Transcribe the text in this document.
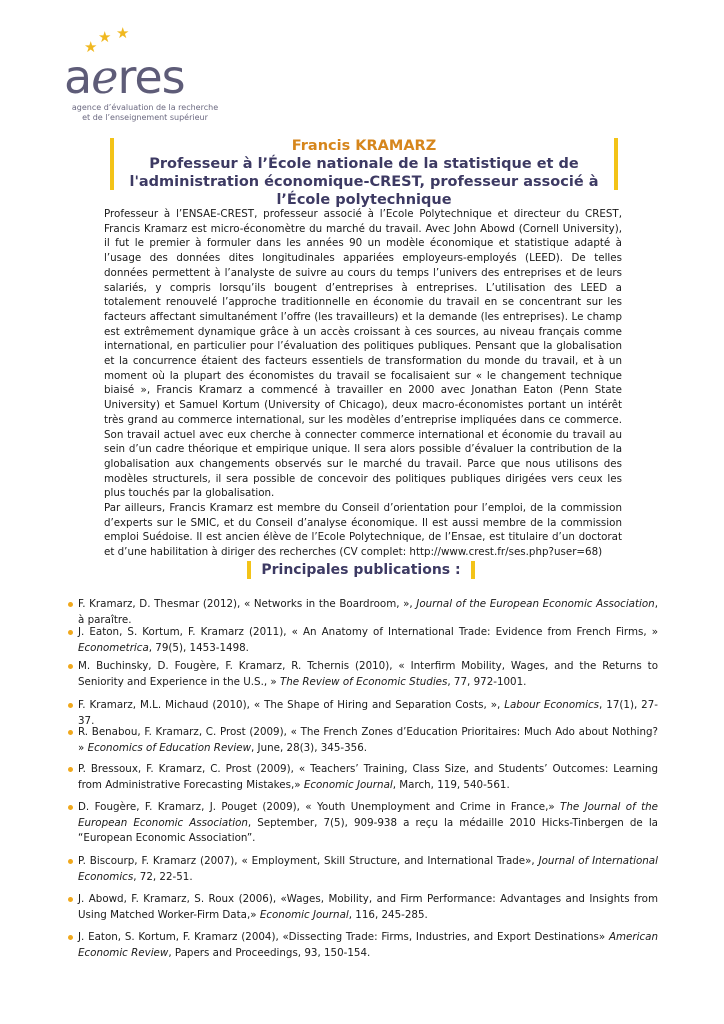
★
★ ★
aeres
agence d’évaluation de la recherche
et de l’enseignement supérieur
Francis KRAMARZ
Professeur à l’École nationale de la statistique et de l'administration économique-CREST, professeur associé à l’École polytechnique

Professeur à l’ENSAE-CREST, professeur associé à l’Ecole Polytechnique et directeur du CREST, Francis Kramarz est micro-économètre du marché du travail. Avec John Abowd (Cornell University), il fut le premier à formuler dans les années 90 un modèle économique et statistique adapté à l’usage des données dites longitudinales appariées employeurs-employés (LEED). De telles données permettent à l’analyste de suivre au cours du temps l’univers des entreprises et de leurs salariés, y compris lorsqu’ils bougent d’entreprises à entreprises. L’utilisation des LEED a totalement renouvelé l’approche traditionnelle en économie du travail en se concentrant sur les facteurs affectant simultanément l’offre (les travailleurs) et la demande (les entreprises). Le champ est extrêmement dynamique grâce à un accès croissant à ces sources, au niveau français comme international, en particulier pour l’évaluation des politiques publiques. Pensant que la globalisation et la concurrence étaient des facteurs essentiels de transformation du monde du travail, et à un moment où la plupart des économistes du travail se focalisaient sur « le changement technique biaisé », Francis Kramarz a commencé à travailler en 2000 avec Jonathan Eaton (Penn State University) et Samuel Kortum (University of Chicago), deux macro-économistes portant un intérêt très grand au commerce international, sur les modèles d’entreprise impliquées dans ce commerce. Son travail actuel avec eux cherche à connecter commerce international et économie du travail au sein d’un cadre théorique et empirique unique. Il sera alors possible d’évaluer la contribution de la globalisation aux changements observés sur le marché du travail. Parce que nous utilisons des modèles structurels, il sera possible de concevoir des politiques publiques dirigées vers ceux les plus touchés par la globalisation.

Par ailleurs, Francis Kramarz est membre du Conseil d’orientation pour l’emploi, de la commission d’experts sur le SMIC, et du Conseil d’analyse économique. Il est aussi membre de la commission emploi Suédoise. Il est ancien élève de l’Ecole Polytechnique, de l’Ensae, est titulaire d’un doctorat et d’une habilitation à diriger des recherches (CV complet: http://www.crest.fr/ses.php?user=68)

Principales publications :
F. Kramarz, D. Thesmar (2012), « Networks in the Boardroom, », Journal of the European Economic Association, à paraître.
J. Eaton, S. Kortum, F. Kramarz (2011), « An Anatomy of International Trade: Evidence from French Firms, » Econometrica, 79(5), 1453-1498.
M. Buchinsky, D. Fougère, F. Kramarz, R. Tchernis (2010), « Interfirm Mobility, Wages, and the Returns to Seniority and Experience in the U.S., » The Review of Economic Studies, 77, 972-1001.
F. Kramarz, M.L. Michaud (2010), « The Shape of Hiring and Separation Costs, », Labour Economics, 17(1), 27-37.
R. Benabou, F. Kramarz, C. Prost (2009), « The French Zones d’Education Prioritaires: Much Ado about Nothing? » Economics of Education Review, June, 28(3), 345-356.
P. Bressoux, F. Kramarz, C. Prost (2009), « Teachers’ Training, Class Size, and Students’ Outcomes: Learning from Administrative Forecasting Mistakes,» Economic Journal, March, 119, 540-561.
D. Fougère, F. Kramarz, J. Pouget (2009), « Youth Unemployment and Crime in France,» The Journal of the European Economic Association, September, 7(5), 909-938 a reçu la médaille 2010 Hicks-Tinbergen de la “European Economic Association”.
P. Biscourp, F. Kramarz (2007), « Employment, Skill Structure, and International Trade», Journal of International Economics, 72, 22-51.
J. Abowd, F. Kramarz, S. Roux (2006), «Wages, Mobility, and Firm Performance: Advantages and Insights from Using Matched Worker-Firm Data,» Economic Journal, 116, 245-285.
J. Eaton, S. Kortum, F. Kramarz (2004), «Dissecting Trade: Firms, Industries, and Export Destinations» American Economic Review, Papers and Proceedings, 93, 150-154.
